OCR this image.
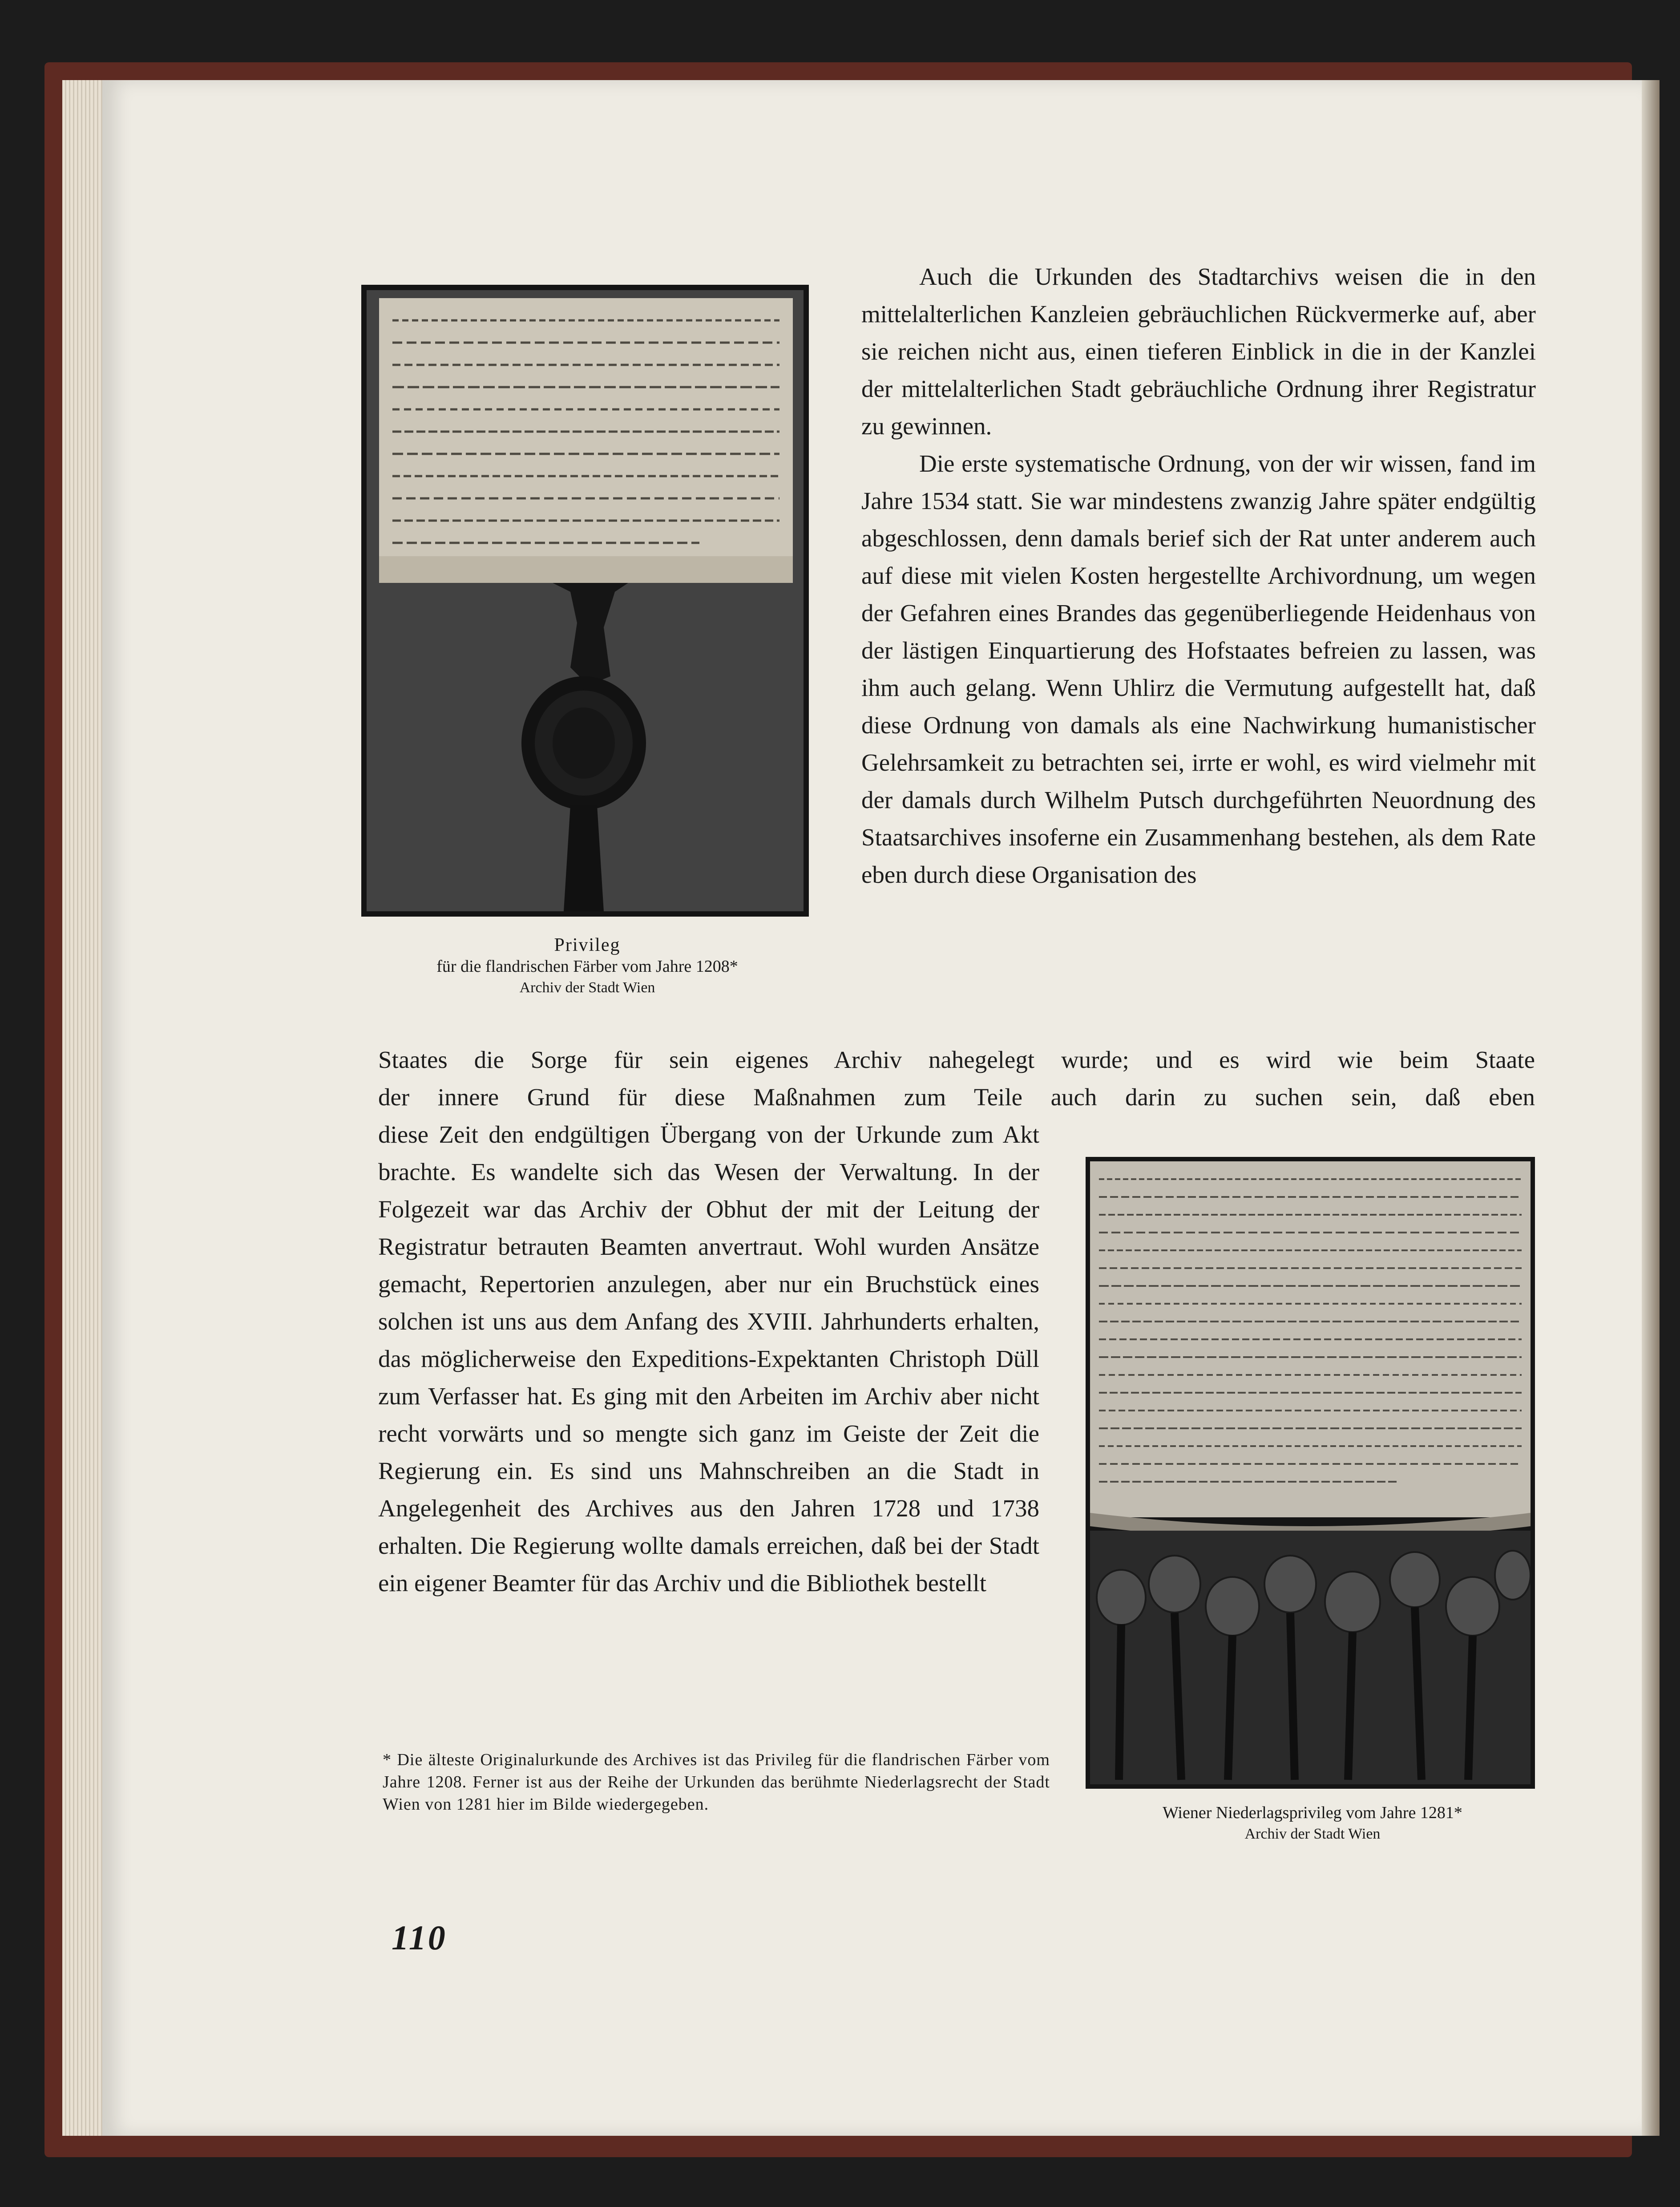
Privileg
für die flandrischen Färber vom Jahre 1208*
Archiv der Stadt Wien

Auch die Urkunden des Stadtarchivs weisen die in den mittelalterlichen Kanzleien gebräuchlichen Rückvermerke auf, aber sie reichen nicht aus, einen tieferen Einblick in die in der Kanzlei der mittelalterlichen Stadt gebräuchliche Ordnung ihrer Registratur zu gewinnen.

Die erste systematische Ordnung, von der wir wissen, fand im Jahre 1534 statt. Sie war mindestens zwanzig Jahre später endgültig abgeschlossen, denn damals berief sich der Rat unter anderem auch auf diese mit vielen Kosten hergestellte Archivordnung, um wegen der Gefahren eines Brandes das gegenüberliegende Heidenhaus von der lästigen Einquartierung des Hofstaates befreien zu lassen, was ihm auch gelang. Wenn Uhlirz die Vermutung aufgestellt hat, daß diese Ordnung von damals als eine Nachwirkung humanistischer Gelehrsamkeit zu betrachten sei, irrte er wohl, es wird vielmehr mit der damals durch Wilhelm Putsch durchgeführten Neuordnung des Staatsarchives insoferne ein Zusammenhang bestehen, als dem Rate eben durch diese Organisation des

Staates die Sorge für sein eigenes Archiv nahegelegt wurde; und es wird wie beim Staate
der innere Grund für diese Maßnahmen zum Teile auch darin zu suchen sein, daß eben
diese Zeit den endgültigen Übergang von der Urkunde zum Akt brachte. Es wandelte sich das Wesen der Verwaltung. In der Folgezeit war das Archiv der Obhut der mit der Leitung der Registratur betrauten Beamten anvertraut. Wohl wurden Ansätze gemacht, Repertorien anzulegen, aber nur ein Bruchstück eines solchen ist uns aus dem Anfang des XVIII. Jahrhunderts erhalten, das möglicherweise den Expeditions-Expektanten Christoph Düll zum Verfasser hat. Es ging mit den Arbeiten im Archiv aber nicht recht vorwärts und so mengte sich ganz im Geiste der Zeit die Regierung ein. Es sind uns Mahnschreiben an die Stadt in Angelegenheit des Archives aus den Jahren 1728 und 1738 erhalten. Die Regierung wollte damals erreichen, daß bei der Stadt ein eigener Beamter für das Archiv und die Bibliothek bestellt
Wiener Niederlagsprivileg vom Jahre 1281*
Archiv der Stadt Wien
* Die älteste Originalurkunde des Archives ist das Privileg für die flandrischen Färber vom Jahre 1208. Ferner ist aus der Reihe der Urkunden das berühmte Niederlagsrecht der Stadt Wien von 1281 hier im Bilde wiedergegeben.
110
